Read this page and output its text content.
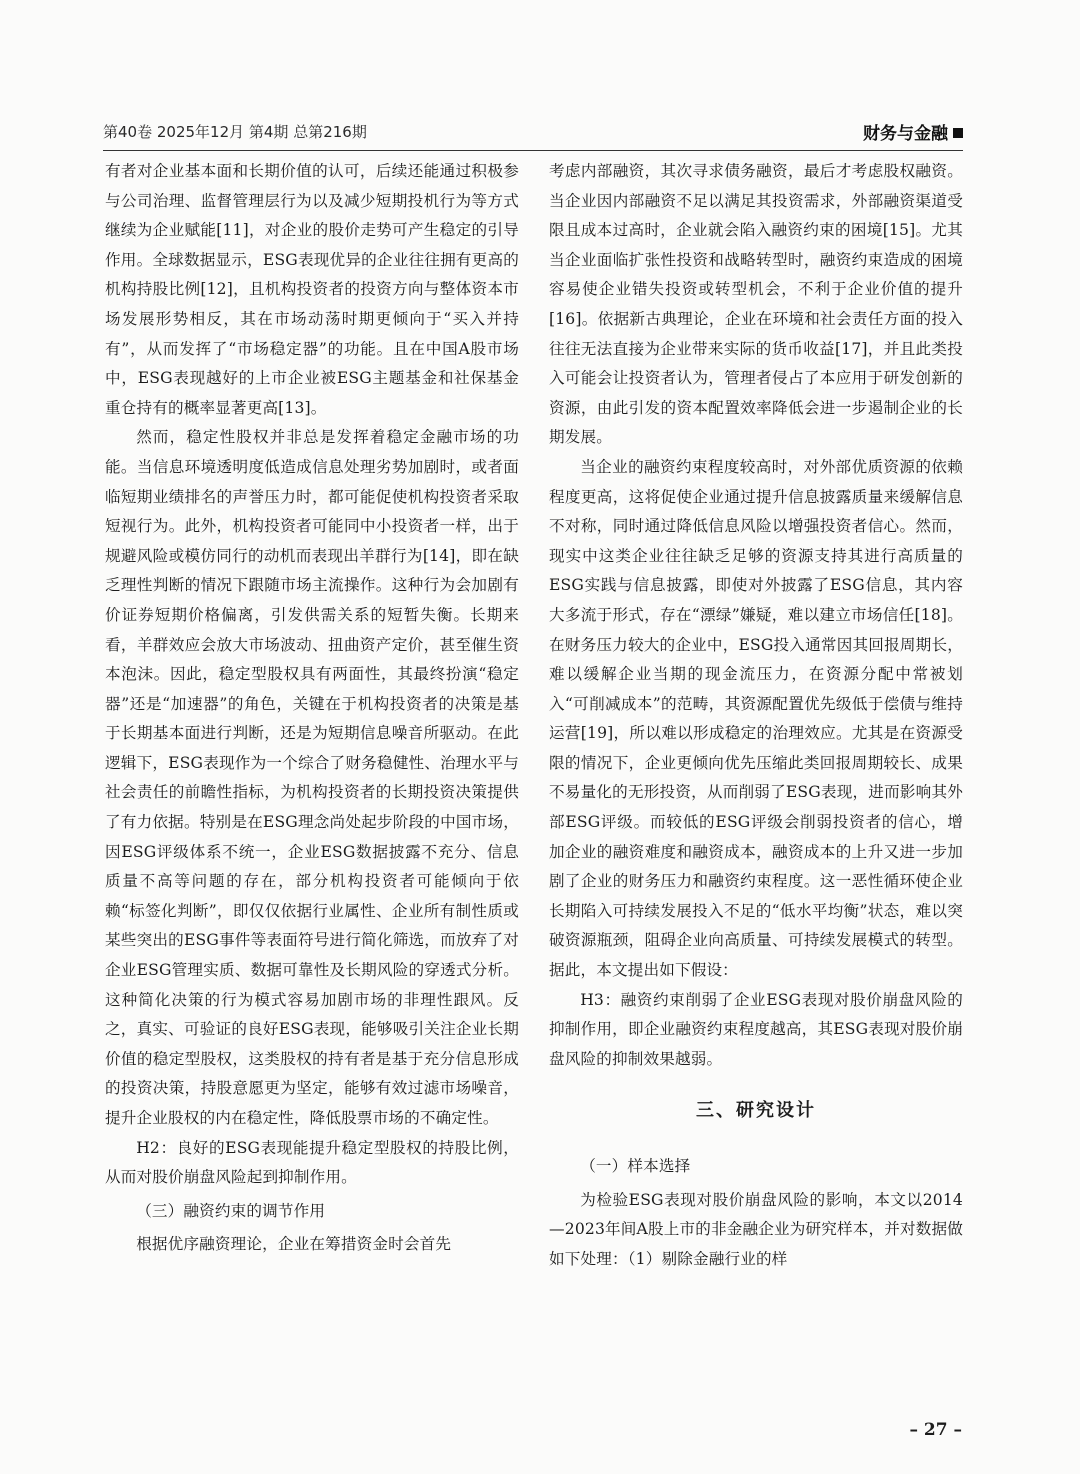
第40卷 2025年12月 第4期 总第216期	财务与金融

有者对企业基本面和长期价值的认可，后续还能通过积极参与公司治理、监督管理层行为以及减少短期投机行为等方式继续为企业赋能[11]，对企业的股价走势可产生稳定的引导作用。全球数据显示，ESG表现优异的企业往往拥有更高的机构持股比例[12]，且机构投资者的投资方向与整体资本市场发展形势相反，其在市场动荡时期更倾向于“买入并持有”，从而发挥了“市场稳定器”的功能。且在中国A股市场中，ESG表现越好的上市企业被ESG主题基金和社保基金重仓持有的概率显著更高[13]。

然而，稳定性股权并非总是发挥着稳定金融市场的功能。当信息环境透明度低造成信息处理劣势加剧时，或者面临短期业绩排名的声誉压力时，都可能促使机构投资者采取短视行为。此外，机构投资者可能同中小投资者一样，出于规避风险或模仿同行的动机而表现出羊群行为[14]，即在缺乏理性判断的情况下跟随市场主流操作。这种行为会加剧有价证券短期价格偏离，引发供需关系的短暂失衡。长期来看，羊群效应会放大市场波动、扭曲资产定价，甚至催生资本泡沫。因此，稳定型股权具有两面性，其最终扮演“稳定器”还是“加速器”的角色，关键在于机构投资者的决策是基于长期基本面进行判断，还是为短期信息噪音所驱动。在此逻辑下，ESG表现作为一个综合了财务稳健性、治理水平与社会责任的前瞻性指标，为机构投资者的长期投资决策提供了有力依据。特别是在ESG理念尚处起步阶段的中国市场，因ESG评级体系不统一，企业ESG数据披露不充分、信息质量不高等问题的存在，部分机构投资者可能倾向于依赖“标签化判断”，即仅仅依据行业属性、企业所有制性质或某些突出的ESG事件等表面符号进行简化筛选，而放弃了对企业ESG管理实质、数据可靠性及长期风险的穿透式分析。这种简化决策的行为模式容易加剧市场的非理性跟风。反之，真实、可验证的良好ESG表现，能够吸引关注企业长期价值的稳定型股权，这类股权的持有者是基于充分信息形成的投资决策，持股意愿更为坚定，能够有效过滤市场噪音，提升企业股权的内在稳定性，降低股票市场的不确定性。

H2：良好的ESG表现能提升稳定型股权的持股比例，从而对股价崩盘风险起到抑制作用。

（三）融资约束的调节作用

根据优序融资理论，企业在筹措资金时会首先

考虑内部融资，其次寻求债务融资，最后才考虑股权融资。当企业因内部融资不足以满足其投资需求，外部融资渠道受限且成本过高时，企业就会陷入融资约束的困境[15]。尤其当企业面临扩张性投资和战略转型时，融资约束造成的困境容易使企业错失投资或转型机会，不利于企业价值的提升[16]。依据新古典理论，企业在环境和社会责任方面的投入往往无法直接为企业带来实际的货币收益[17]，并且此类投入可能会让投资者认为，管理者侵占了本应用于研发创新的资源，由此引发的资本配置效率降低会进一步遏制企业的长期发展。

当企业的融资约束程度较高时，对外部优质资源的依赖程度更高，这将促使企业通过提升信息披露质量来缓解信息不对称，同时通过降低信息风险以增强投资者信心。然而，现实中这类企业往往缺乏足够的资源支持其进行高质量的ESG实践与信息披露，即使对外披露了ESG信息，其内容大多流于形式，存在“漂绿”嫌疑，难以建立市场信任[18]。在财务压力较大的企业中，ESG投入通常因其回报周期长，难以缓解企业当期的现金流压力，在资源分配中常被划入“可削减成本”的范畴，其资源配置优先级低于偿债与维持运营[19]，所以难以形成稳定的治理效应。尤其是在资源受限的情况下，企业更倾向优先压缩此类回报周期较长、成果不易量化的无形投资，从而削弱了ESG表现，进而影响其外部ESG评级。而较低的ESG评级会削弱投资者的信心，增加企业的融资难度和融资成本，融资成本的上升又进一步加剧了企业的财务压力和融资约束程度。这一恶性循环使企业长期陷入可持续发展投入不足的“低水平均衡”状态，难以突破资源瓶颈，阻碍企业向高质量、可持续发展模式的转型。据此，本文提出如下假设：

H3：融资约束削弱了企业ESG表现对股价崩盘风险的抑制作用，即企业融资约束程度越高，其ESG表现对股价崩盘风险的抑制效果越弱。

三、研究设计
（一）样本选择

为检验ESG表现对股价崩盘风险的影响，本文以2014—2023年间A股上市的非金融企业为研究样本，并对数据做如下处理：（1）剔除金融行业的样

– 27 –
